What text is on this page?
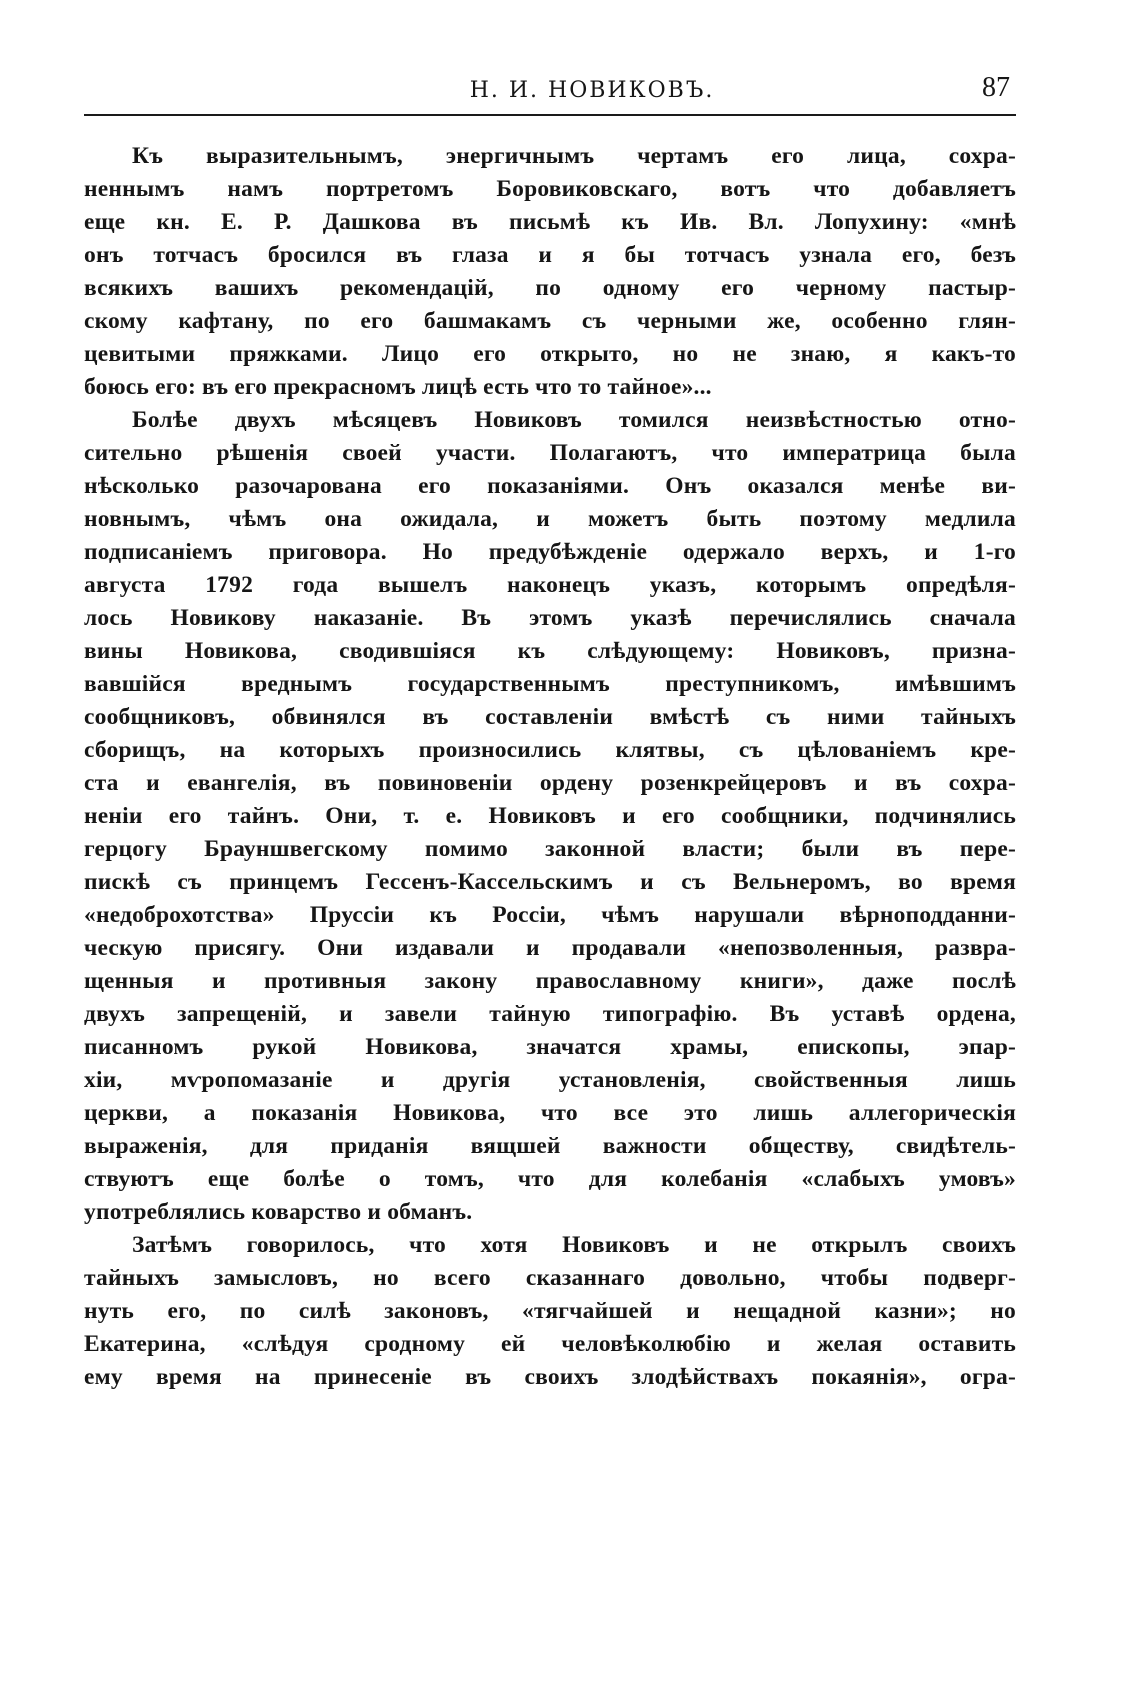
Н. И. НОВИКОВЪ.	87
Къ выразительнымъ, энергичнымъ чертамъ его лица, сохра-
неннымъ намъ портретомъ Боровиковскаго, вотъ что добавляетъ
еще кн. Е. Р. Дашкова въ письмѣ къ Ив. Вл. Лопухину: «мнѣ
онъ тотчасъ бросился въ глаза и я бы тотчасъ узнала его, безъ
всякихъ вашихъ рекомендацій, по одному его черному пастыр-
скому кафтану, по его башмакамъ съ черными же, особенно глян-
цевитыми пряжками. Лицо его открыто, но не знаю, я какъ-то
боюсь его: въ его прекрасномъ лицѣ есть что то тайное»...
Болѣе двухъ мѣсяцевъ Новиковъ томился неизвѣстностью отно-
сительно рѣшенія своей участи. Полагаютъ, что императрица была
нѣсколько разочарована его показаніями. Онъ оказался менѣе ви-
новнымъ, чѣмъ она ожидала, и можетъ быть поэтому медлила
подписаніемъ приговора. Но предубѣжденіе одержало верхъ, и 1-го
августа 1792 года вышелъ наконецъ указъ, которымъ опредѣля-
лось Новикову наказаніе. Въ этомъ указѣ перечислялись сначала
вины Новикова, сводившіяся къ слѣдующему: Новиковъ, призна-
вавшійся вреднымъ государственнымъ преступникомъ, имѣвшимъ
сообщниковъ, обвинялся въ составленіи вмѣстѣ съ ними тайныхъ
сборищъ, на которыхъ произносились клятвы, съ цѣлованіемъ кре-
ста и евангелія, въ повиновеніи ордену розенкрейцеровъ и въ сохра-
неніи его тайнъ. Они, т. е. Новиковъ и его сообщники, подчинялись
герцогу Брауншвегскому помимо законной власти; были въ пере-
пискѣ съ принцемъ Гессенъ-Кассельскимъ и съ Вельнеромъ, во время
«недоброхотства» Пруссіи къ Россіи, чѣмъ нарушали вѣрноподданни-
ческую присягу. Они издавали и продавали «непозволенныя, развра-
щенныя и противныя закону православному книги», даже послѣ
двухъ запрещеній, и завели тайную типографію. Въ уставѣ ордена,
писанномъ рукой Новикова, значатся храмы, епископы, эпар-
хіи, мѵропомазаніе и другія установленія, свойственныя лишь
церкви, а показанія Новикова, что все это лишь аллегорическія
выраженія, для приданія вящшей важности обществу, свидѣтель-
ствуютъ еще болѣе о томъ, что для колебанія «слабыхъ умовъ»
употреблялись коварство и обманъ.
Затѣмъ говорилось, что хотя Новиковъ и не открылъ своихъ
тайныхъ замысловъ, но всего сказаннаго довольно, чтобы подверг-
нуть его, по силѣ законовъ, «тягчайшей и нещадной казни»; но
Екатерина, «слѣдуя сродному ей человѣколюбію и желая оставить
ему время на принесеніе въ своихъ злодѣйствахъ покаянія», огра-
